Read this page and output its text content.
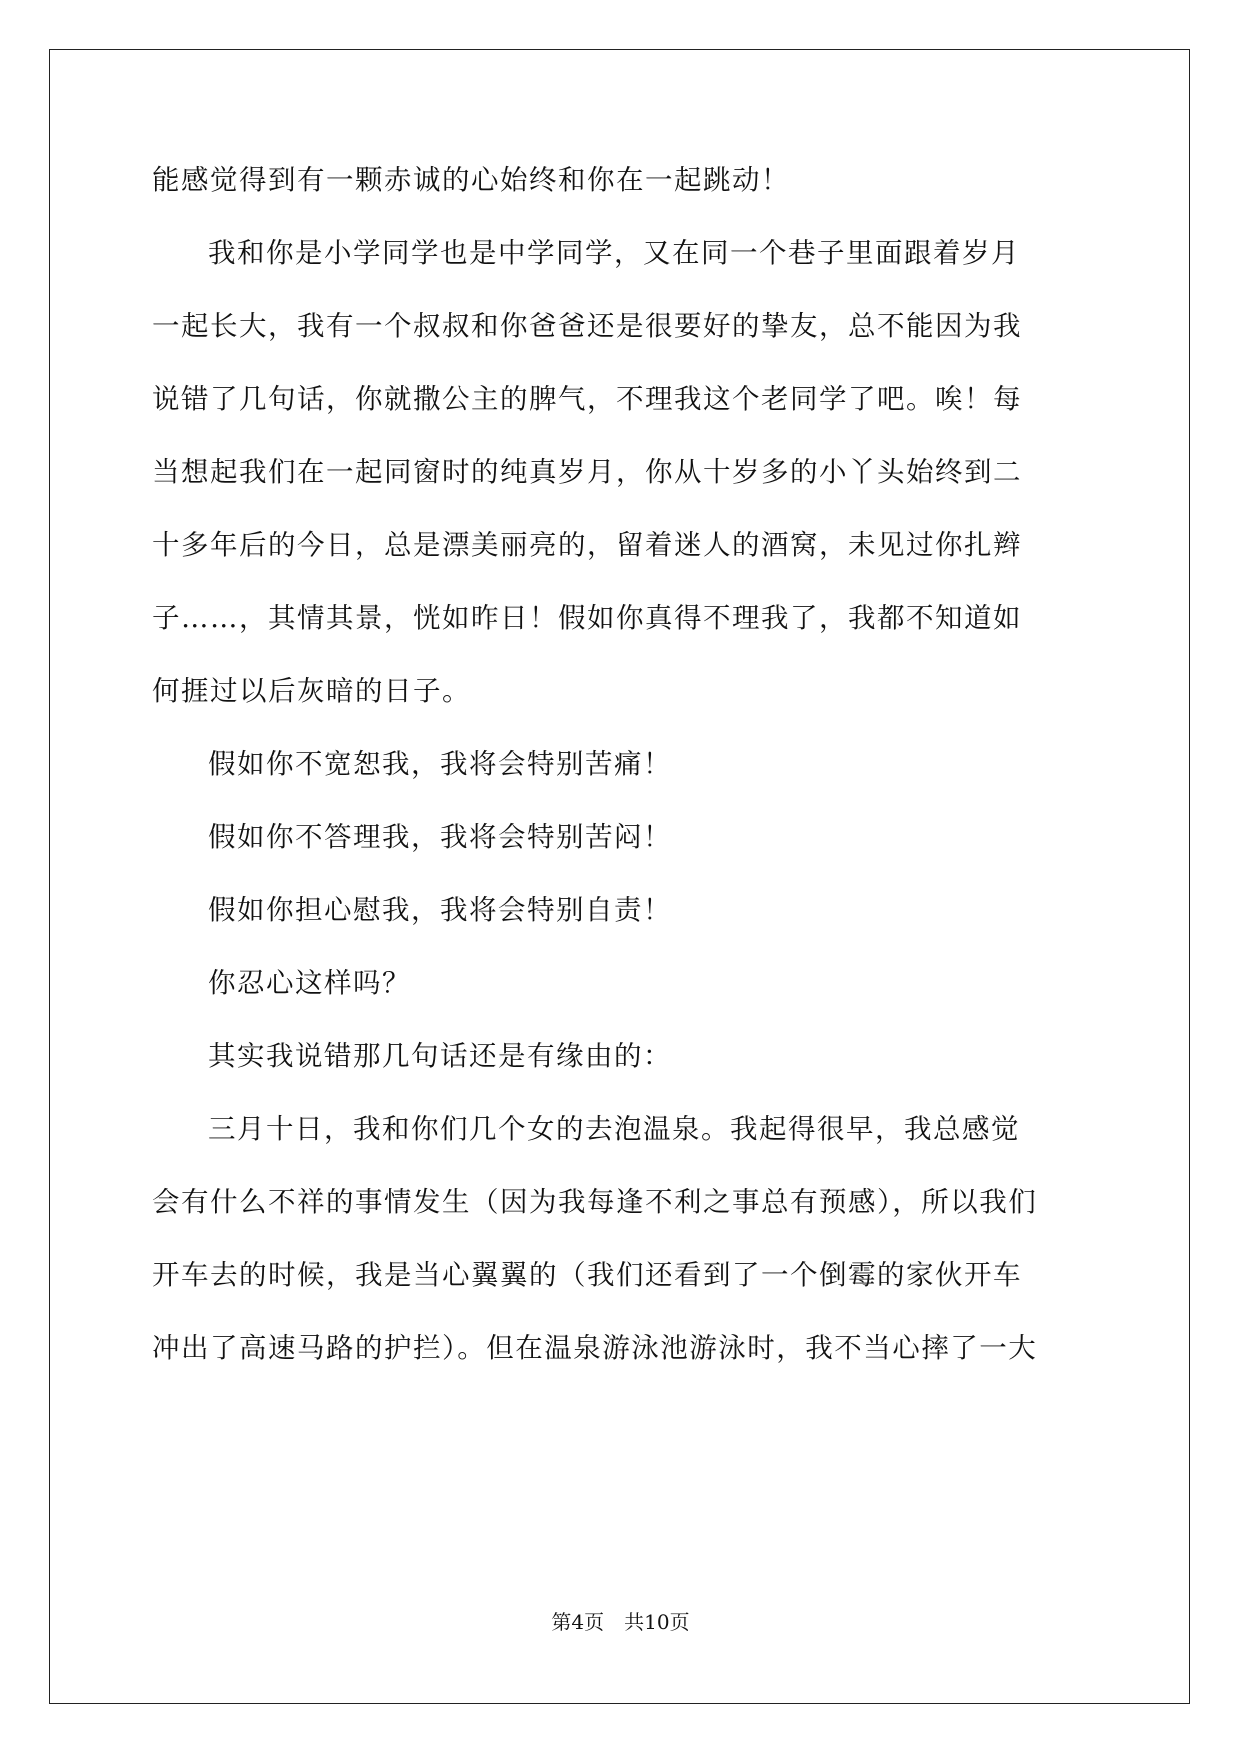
能感觉得到有一颗赤诚的心始终和你在一起跳动！
我和你是小学同学也是中学同学，又在同一个巷子里面跟着岁月
一起长大，我有一个叔叔和你爸爸还是很要好的挚友，总不能因为我
说错了几句话，你就撒公主的脾气，不理我这个老同学了吧。唉！每
当想起我们在一起同窗时的纯真岁月，你从十岁多的小丫头始终到二
十多年后的今日，总是漂美丽亮的，留着迷人的酒窝，未见过你扎辫
子……，其情其景，恍如昨日！假如你真得不理我了，我都不知道如
何捱过以后灰暗的日子。
假如你不宽恕我，我将会特别苦痛！
假如你不答理我，我将会特别苦闷！
假如你担心慰我，我将会特别自责！
你忍心这样吗？
其实我说错那几句话还是有缘由的：
三月十日，我和你们几个女的去泡温泉。我起得很早，我总感觉
会有什么不祥的事情发生（因为我每逢不利之事总有预感），所以我们
开车去的时候，我是当心翼翼的（我们还看到了一个倒霉的家伙开车
冲出了高速马路的护拦）。但在温泉游泳池游泳时，我不当心摔了一大
第4页　共10页
